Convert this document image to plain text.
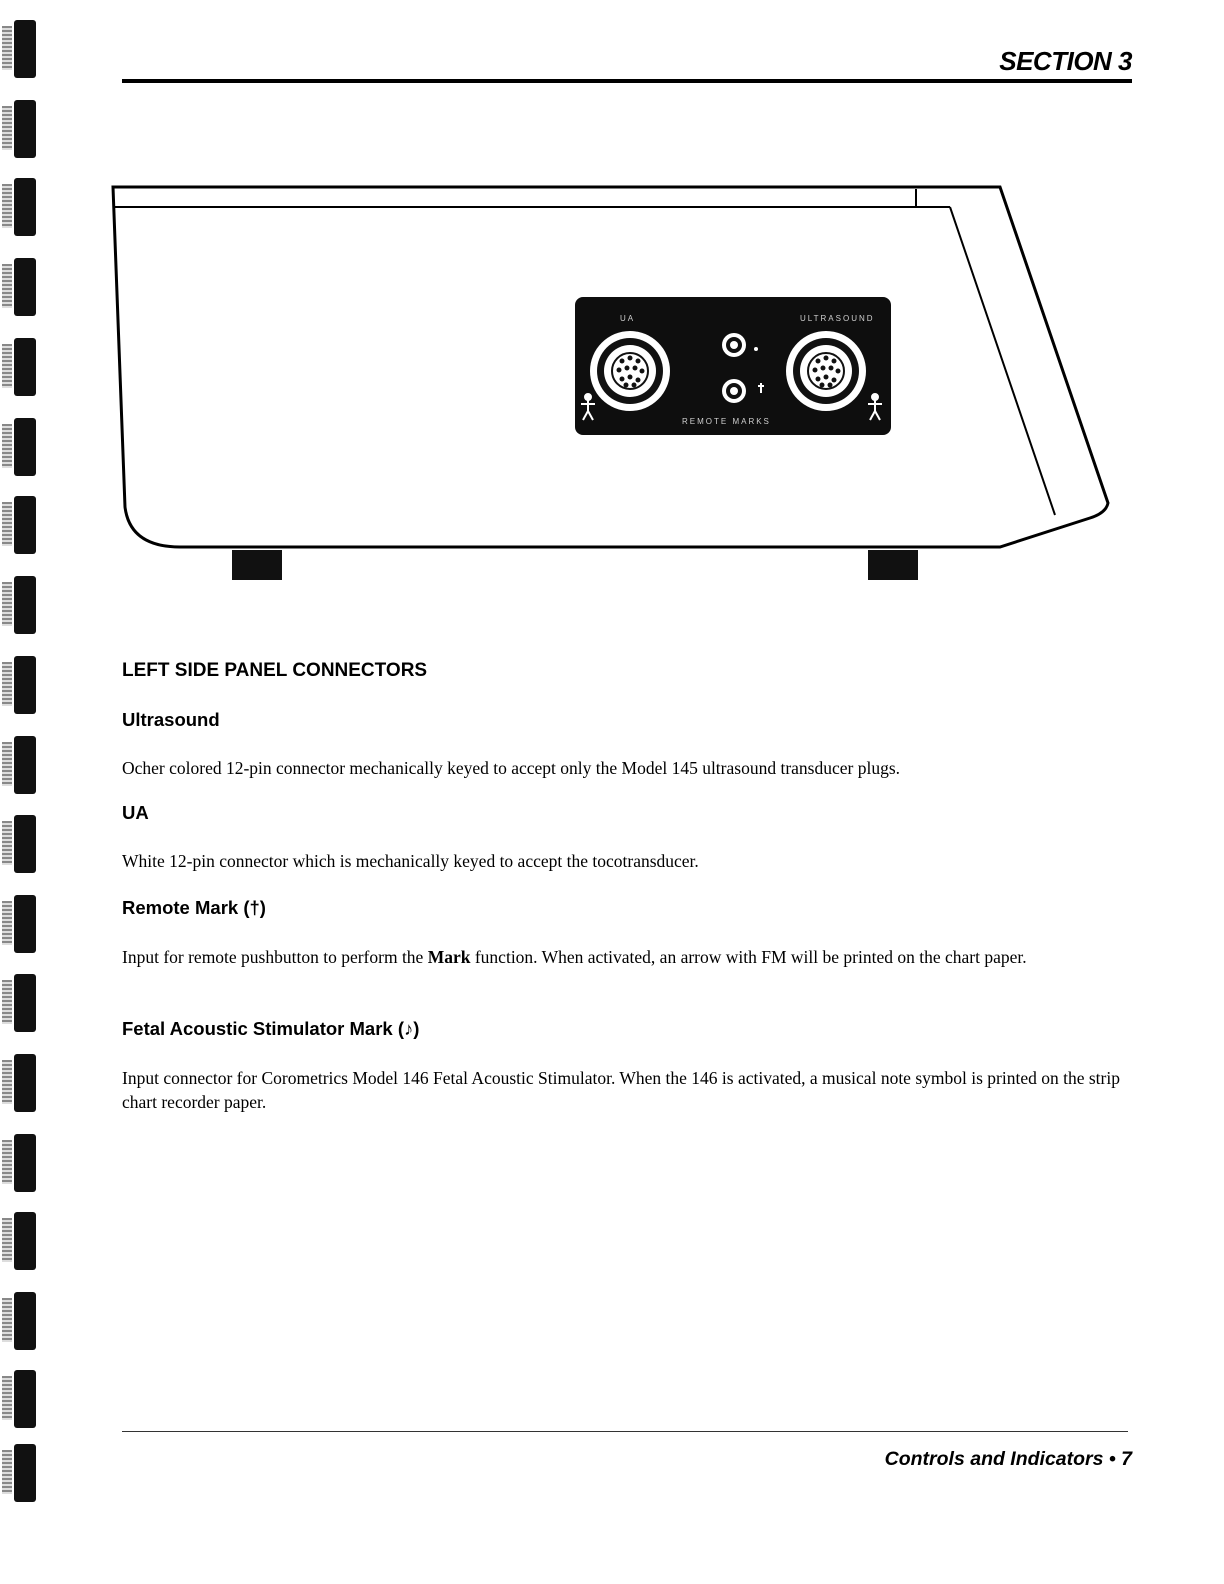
SECTION 3
UA	ULTRASOUND
REMOTE MARKS
LEFT SIDE PANEL CONNECTORS
Ultrasound

Ocher colored 12-pin connector mechanically keyed to accept only the Model 145 ultrasound transducer plugs.

UA

White 12-pin connector which is mechanically keyed to accept the tocotransducer.

Remote Mark (†)

Input for remote pushbutton to perform the Mark function. When activated, an arrow with FM will be printed on the chart paper.

Fetal Acoustic Stimulator Mark (♪)

Input connector for Corometrics Model 146 Fetal Acoustic Stimulator. When the 146 is activated, a musical note symbol is printed on the strip chart recorder paper.

Controls and Indicators • 7
